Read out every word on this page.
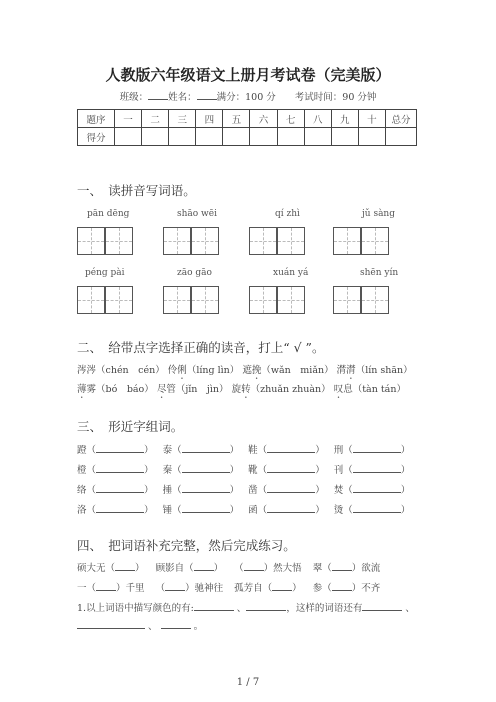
人教版六年级语文上册月考试卷（完美版）
班级： 姓名： 满分：100 分　　 考试时间：90 分钟
题序	一	二	三	四	五	六	七	八	九	十	总分
得分											
一、　读拼音写词语。
pān dēng	shāo wēi	qí zhì	jǔ sàng
péng pài	zāo gāo	xuán yá	shēn yín
二、　给带点字选择正确的读音，打上“ √ ”。
涔涔（chén　cén） 伶俐（líng lìn） 遮挽（wǎn　miǎn） 潸潸（lín shān）
薄雾（bó　báo） 尽管（jǐn　jìn） 旋转（zhuǎn zhuàn） 叹息（tàn tán）
三、　形近字组词。
蹬（	） 泰（	） 鞋（	） 刑（	）
橙（	） 秦（	） 靴（	） 刊（	）
络（	） 捶（	） 凿（	） 焚（	）
洛（	） 锤（	） 函（	） 烫（	）
四、　把词语补充完整，然后完成练习。
硕大无（ ） 顾影自（ ） （ ）然大悟 翠（ ）欲流
一（ ）千里 （ ）驰神往 孤芳自（ ） 参（ ）不齐
1.以上词语中描写颜色的有:	、	，这样的词语还有	、
、	。
1 / 7
